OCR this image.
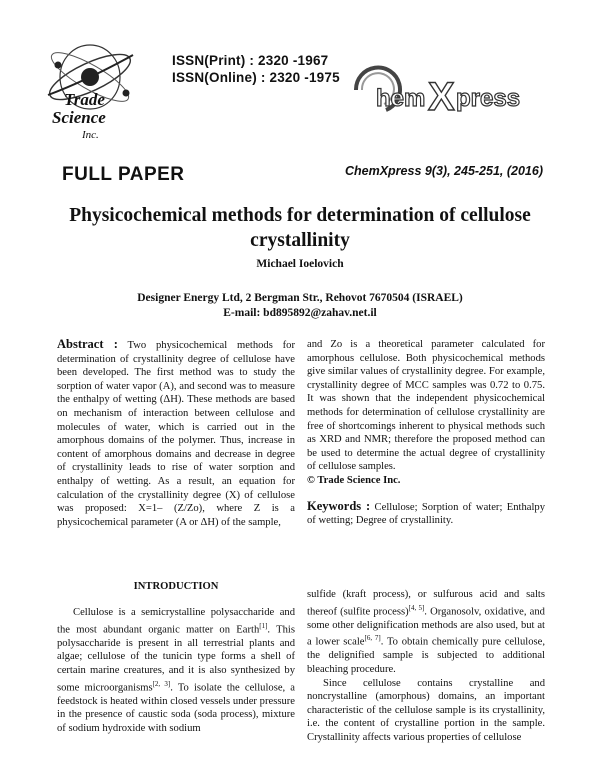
Trade
Science
Inc.
ISSN(Print) : 2320 -1967
ISSN(Online) : 2320 -1975
hem X press
FULL PAPER	ChemXpress 9(3), 245-251, (2016)
Physicochemical methods for determination of cellulose crystallinity
Michael Ioelovich
Designer Energy Ltd, 2 Bergman Str., Rehovot 7670504 (ISRAEL)
E-mail: bd895892@zahav.net.il

Abstract : Two physicochemical methods for determination of crystallinity degree of cellulose have been developed. The first method was to study the sorption of water vapor (A), and second was to measure the enthalpy of wetting (ΔH). These methods are based on mechanism of interaction between cellulose and molecules of water, which is carried out in the amorphous domains of the polymer. Thus, increase in content of amorphous domains and decrease in degree of crystallinity leads to rise of water sorption and enthalpy of wetting. As a result, an equation for calculation of the crystallinity degree (X) of cellulose was proposed: X=1– (Z/Zo), where Z is a physicochemical parameter (A or ΔH) of the sample,

and Zo is a theoretical parameter calculated for amorphous cellulose. Both physicochemical methods give similar values of crystallinity degree. For example, crystallinity degree of MCC samples was 0.72 to 0.75. It was shown that the independent physicochemical methods for determination of cellulose crystallinity are free of shortcomings inherent to physical methods such as XRD and NMR; therefore the proposed method can be used to determine the actual degree of crystallinity of cellulose samples.

© Trade Science Inc.

Keywords : Cellulose; Sorption of water; Enthalpy of wetting; Degree of crystallinity.

INTRODUCTION

Cellulose is a semicrystalline polysaccharide and the most abundant organic matter on Earth[1]. This polysaccharide is present in all terrestrial plants and algae; cellulose of the tunicin type forms a shell of certain marine creatures, and it is also synthesized by some microorganisms[2, 3]. To isolate the cellulose, a feedstock is heated within closed vessels under pressure in the presence of caustic soda (soda process), mixture of sodium hydroxide with sodium

sulfide (kraft process), or sulfurous acid and salts thereof (sulfite process)[4, 5]. Organosolv, oxidative, and some other delignification methods are also used, but at a lower scale[6, 7]. To obtain chemically pure cellulose, the delignified sample is subjected to additional bleaching procedure.

Since cellulose contains crystalline and noncrystalline (amorphous) domains, an important characteristic of the cellulose sample is its crystallinity, i.e. the content of crystalline portion in the sample. Crystallinity affects various properties of cellulose
